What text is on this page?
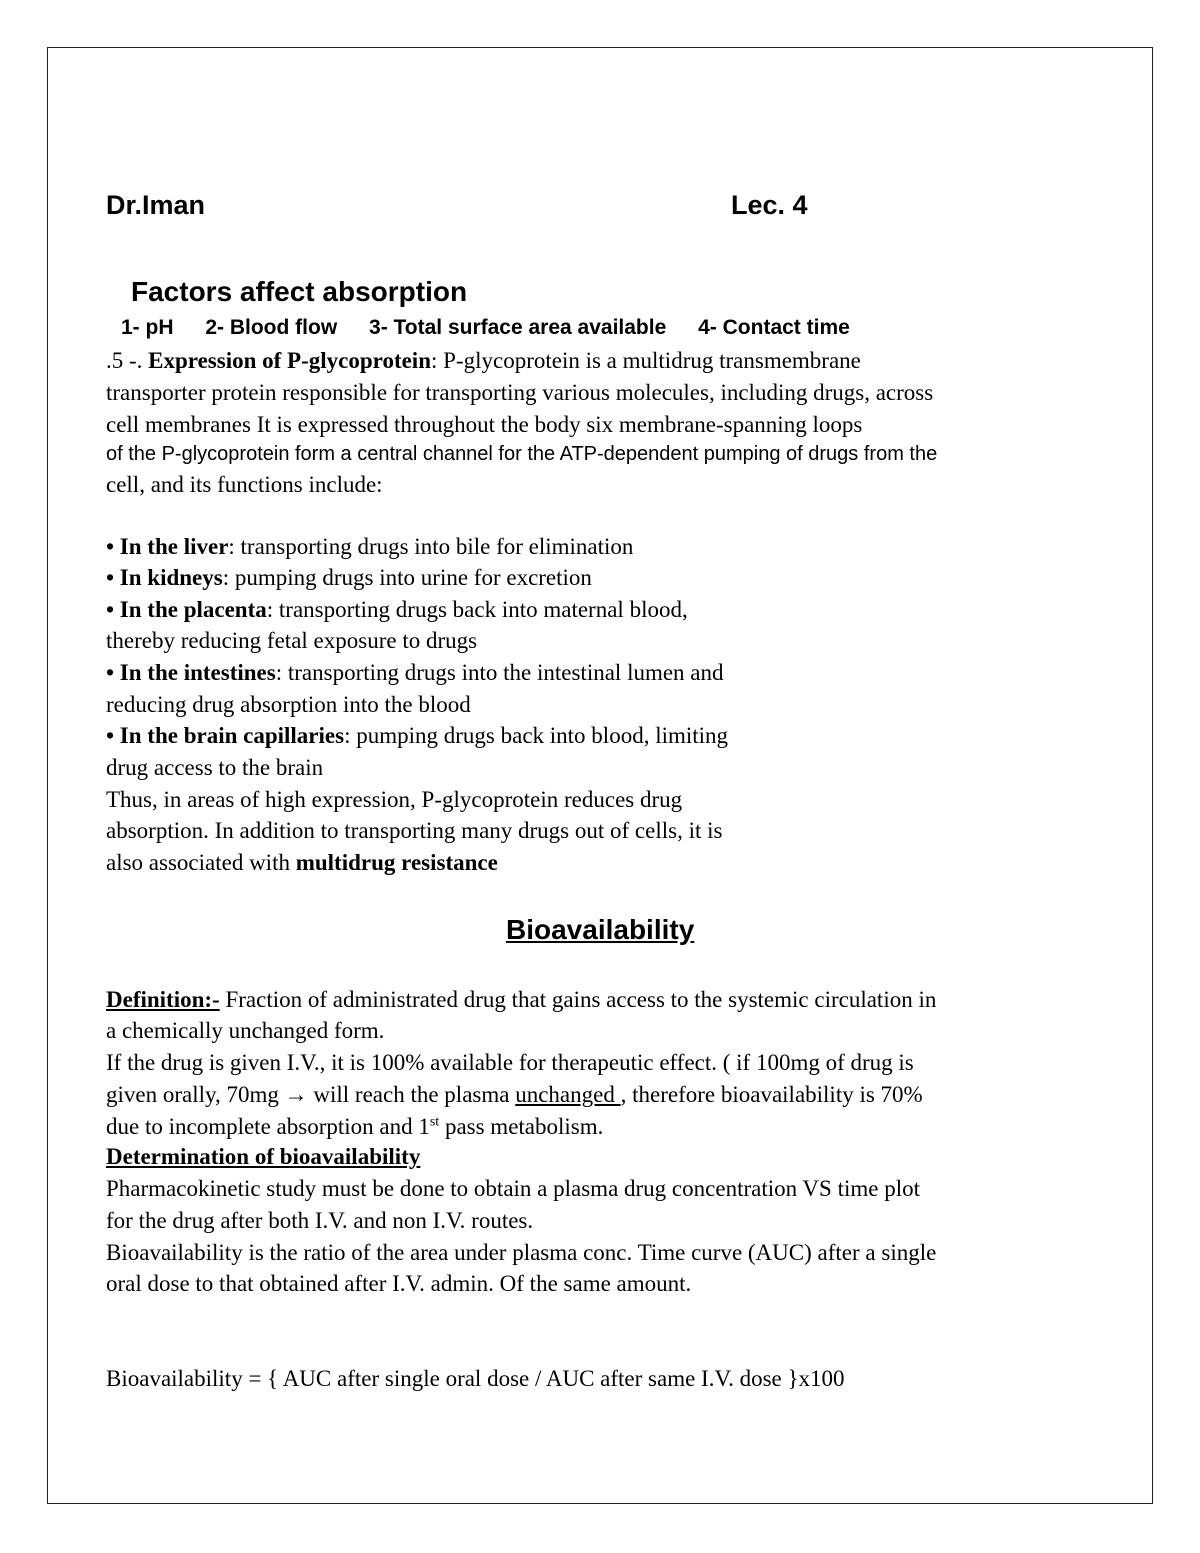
Dr.Iman	Lec. 4
Factors affect absorption
1- pH 2- Blood flow 3- Total surface area available 4- Contact time
.5 -. Expression of P-glycoprotein: P-glycoprotein is a multidrug transmembrane
transporter protein responsible for transporting various molecules, including drugs, across
cell membranes It is expressed throughout the body six membrane-spanning loops
of the P-glycoprotein form a central channel for the ATP-dependent pumping of drugs from the
cell, and its functions include:
• In the liver: transporting drugs into bile for elimination
• In kidneys: pumping drugs into urine for excretion
• In the placenta: transporting drugs back into maternal blood,
thereby reducing fetal exposure to drugs
• In the intestines: transporting drugs into the intestinal lumen and
reducing drug absorption into the blood
• In the brain capillaries: pumping drugs back into blood, limiting
drug access to the brain
Thus, in areas of high expression, P-glycoprotein reduces drug
absorption. In addition to transporting many drugs out of cells, it is
also associated with multidrug resistance
Bioavailability
Definition:- Fraction of administrated drug that gains access to the systemic circulation in
a chemically unchanged form.
If the drug is given I.V., it is 100% available for therapeutic effect. ( if 100mg of drug is
given orally, 70mg → will reach the plasma unchanged , therefore bioavailability is 70%
due to incomplete absorption and 1st pass metabolism.
Determination of bioavailability
Pharmacokinetic study must be done to obtain a plasma drug concentration VS time plot
for the drug after both I.V. and non I.V. routes.
Bioavailability is the ratio of the area under plasma conc. Time curve (AUC) after a single
oral dose to that obtained after I.V. admin. Of the same amount.
Bioavailability = { AUC after single oral dose / AUC after same I.V. dose }x100
